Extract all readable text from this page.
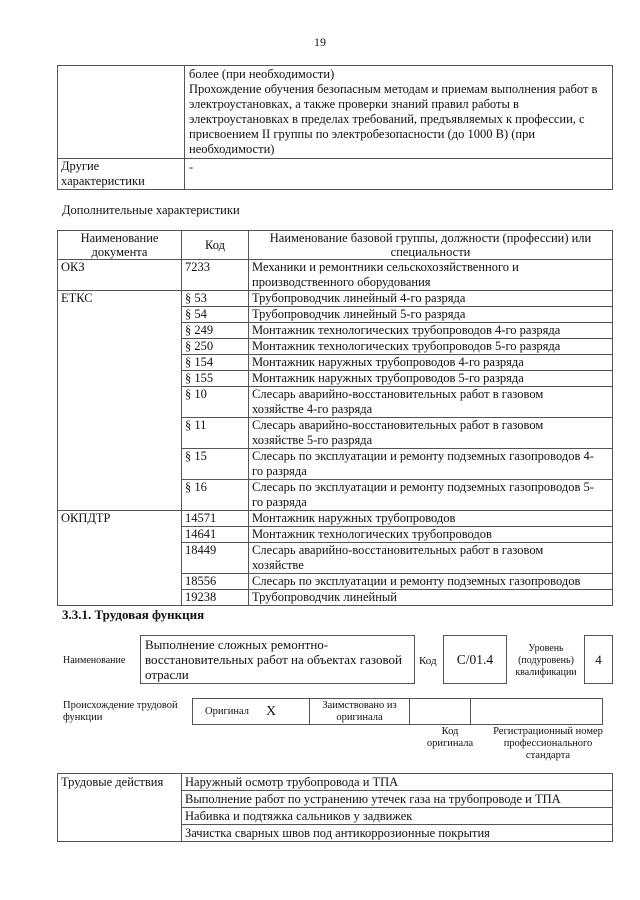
19

более (при необходимости)
Прохождение обучения безопасным методам и приемам выполнения работ в
электроустановках, а также проверки знаний правил работы в
электроустановках в пределах требований, предъявляемых к профессии, с
присвоением II группы по электробезопасности (до 1000 В) (при
необходимости)

Другие
характеристики	-
Дополнительные характеристики
Наименование
документа	Код	Наименование базовой группы, должности (профессии) или
специальности

ОКЗ	7233	Механики и ремонтники сельскохозяйственного и
производственного оборудования

ЕТКС	§ 53	Трубопроводчик линейный 4-го разряда
	§ 54	Трубопроводчик линейный 5-го разряда
	§ 249	Монтажник технологических трубопроводов 4-го разряда
	§ 250	Монтажник технологических трубопроводов 5-го разряда
	§ 154	Монтажник наружных трубопроводов 4-го разряда
	§ 155	Монтажник наружных трубопроводов 5-го разряда
	§ 10	Слесарь аварийно-восстановительных работ в газовом
хозяйстве 4-го разряда

	§ 11	Слесарь аварийно-восстановительных работ в газовом
хозяйстве 5-го разряда

	§ 15	Слесарь по эксплуатации и ремонту подземных газопроводов 4-
го разряда

	§ 16	Слесарь по эксплуатации и ремонту подземных газопроводов 5-
го разряда

ОКПДТР	14571	Монтажник наружных трубопроводов
	14641	Монтажник технологических трубопроводов
	18449	Слесарь аварийно-восстановительных работ в газовом
хозяйстве

	18556	Слесарь по эксплуатации и ремонту подземных газопроводов
	19238	Трубопроводчик линейный
3.3.1. Трудовая функция
Наименование
Выполнение сложных ремонтно-
восстановительных работ на объектах газовой
отрасли
Код	C/01.4
Уровень
(подуровень)
квалификации
4
Происхождение трудовой
функции
Оригинал	X	Заимствовано из
оригинала

Код
оригинала
Регистрационный номер
профессионального
стандарта
Трудовые действия	Наружный осмотр трубопровода и ТПА
Выполнение работ по устранению утечек газа на трубопроводе и ТПА
Набивка и подтяжка сальников у задвижек
Зачистка сварных швов под антикоррозионные покрытия
